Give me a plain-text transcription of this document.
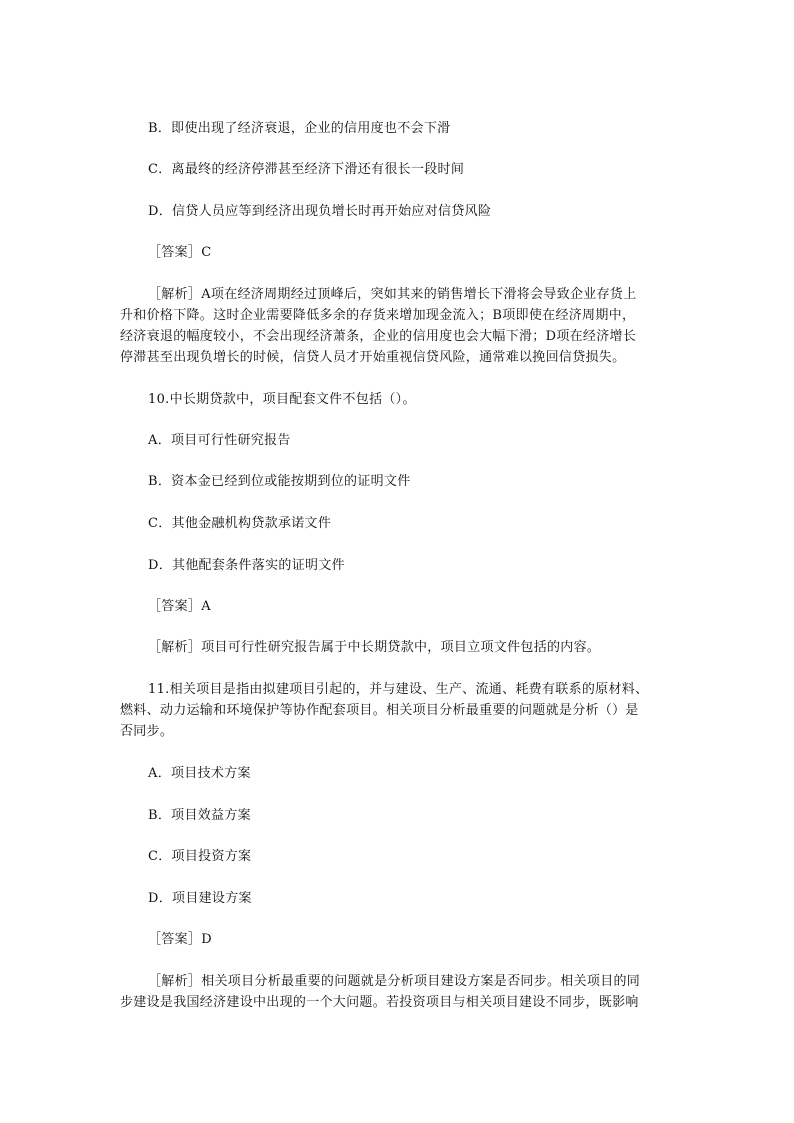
B．即使出现了经济衰退，企业的信用度也不会下滑
C．离最终的经济停滞甚至经济下滑还有很长一段时间
D．信贷人员应等到经济出现负增长时再开始应对信贷风险
［答案］C
［解析］A项在经济周期经过顶峰后，突如其来的销售增长下滑将会导致企业存货上
升和价格下降。这时企业需要降低多余的存货来增加现金流入；B项即使在经济周期中，
经济衰退的幅度较小，不会出现经济萧条，企业的信用度也会大幅下滑；D项在经济增长
停滞甚至出现负增长的时候，信贷人员才开始重视信贷风险，通常难以挽回信贷损失。
10.中长期贷款中，项目配套文件不包括（）。
A．项目可行性研究报告
B．资本金已经到位或能按期到位的证明文件
C．其他金融机构贷款承诺文件
D．其他配套条件落实的证明文件
［答案］A
［解析］项目可行性研究报告属于中长期贷款中，项目立项文件包括的内容。
11.相关项目是指由拟建项目引起的，并与建设、生产、流通、耗费有联系的原材料、
燃料、动力运输和环境保护等协作配套项目。相关项目分析最重要的问题就是分析（）是
否同步。
A．项目技术方案
B．项目效益方案
C．项目投资方案
D．项目建设方案
［答案］D
［解析］相关项目分析最重要的问题就是分析项目建设方案是否同步。相关项目的同
步建设是我国经济建设中出现的一个大问题。若投资项目与相关项目建设不同步，既影响
